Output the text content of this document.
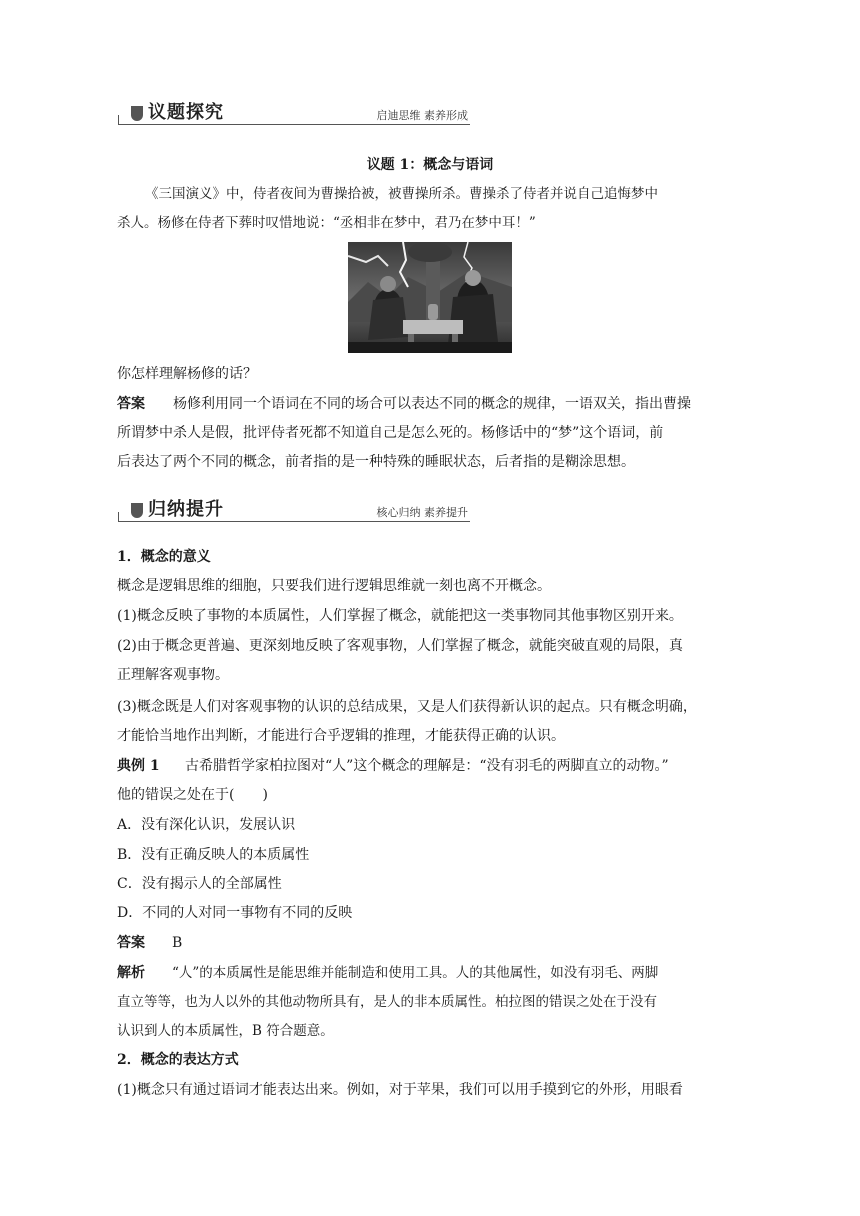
议题探究	启迪思维 素养形成
议题 1：概念与语词
《三国演义》中，侍者夜间为曹操拾被，被曹操所杀。曹操杀了侍者并说自己追悔梦中
杀人。杨修在侍者下葬时叹惜地说：“丞相非在梦中，君乃在梦中耳！”
你怎样理解杨修的话？
答案 杨修利用同一个语词在不同的场合可以表达不同的概念的规律，一语双关，指出曹操
所谓梦中杀人是假，批评侍者死都不知道自己是怎么死的。杨修话中的“梦”这个语词，前
后表达了两个不同的概念，前者指的是一种特殊的睡眠状态，后者指的是糊涂思想。
归纳提升	核心归纳 素养提升
1．概念的意义
概念是逻辑思维的细胞，只要我们进行逻辑思维就一刻也离不开概念。
(1)概念反映了事物的本质属性，人们掌握了概念，就能把这一类事物同其他事物区别开来。
(2)由于概念更普遍、更深刻地反映了客观事物，人们掌握了概念，就能突破直观的局限，真
正理解客观事物。
(3)概念既是人们对客观事物的认识的总结成果，又是人们获得新认识的起点。只有概念明确，
才能恰当地作出判断，才能进行合乎逻辑的推理，才能获得正确的认识。
典例 1 古希腊哲学家柏拉图对“人”这个概念的理解是：“没有羽毛的两脚直立的动物。”
他的错误之处在于(　　)
A．没有深化认识，发展认识
B．没有正确反映人的本质属性
C．没有揭示人的全部属性
D．不同的人对同一事物有不同的反映
答案 B
解析 “人”的本质属性是能思维并能制造和使用工具。人的其他属性，如没有羽毛、两脚
直立等等，也为人以外的其他动物所具有，是人的非本质属性。柏拉图的错误之处在于没有
认识到人的本质属性，B 符合题意。
2．概念的表达方式
(1)概念只有通过语词才能表达出来。例如，对于苹果，我们可以用手摸到它的外形，用眼看
